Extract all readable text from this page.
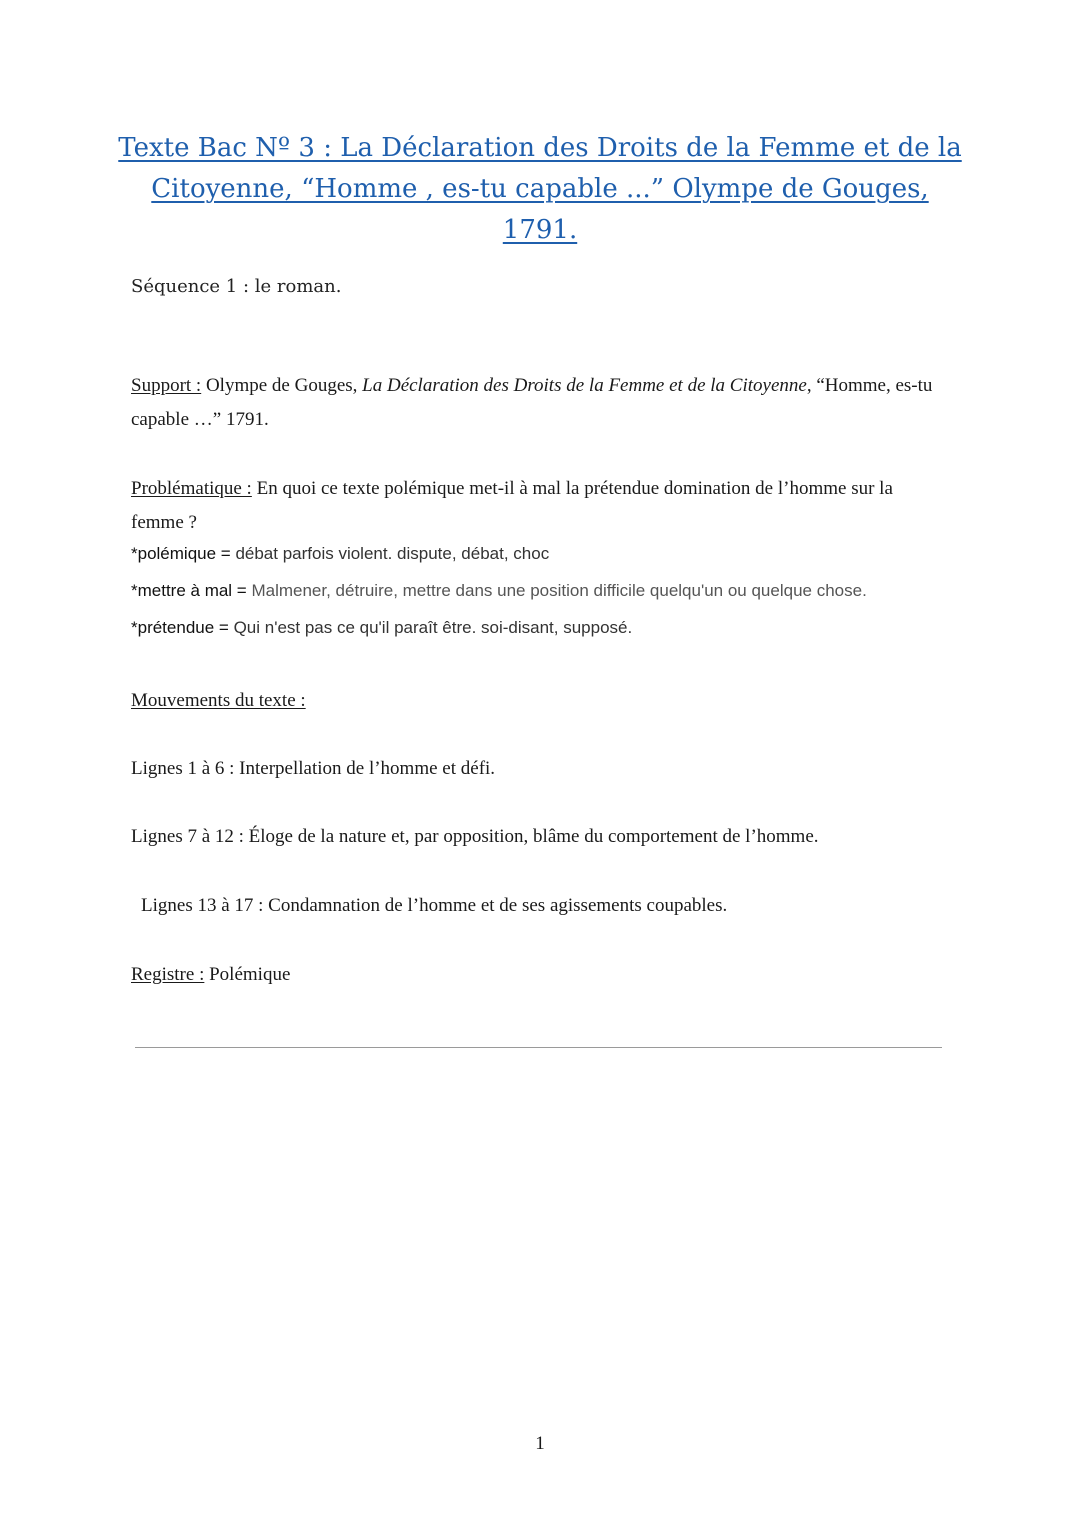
Texte Bac Nº 3 : La Déclaration des Droits de la Femme et de la
Citoyenne, “Homme , es-tu capable ...” Olympe de Gouges, 1791.
Séquence 1 : le roman.
Support : Olympe de Gouges, La Déclaration des Droits de la Femme et de la Citoyenne, “Homme, es-tu capable …” 1791.
Problématique : En quoi ce texte polémique met-il à mal la prétendue domination de l’homme sur la femme ?
*polémique = débat parfois violent. dispute, débat, choc
*mettre à mal = Malmener, détruire, mettre dans une position difficile quelqu'un ou quelque chose.
*prétendue = Qui n'est pas ce qu'il paraît être. soi-disant, supposé.
Mouvements du texte :
Lignes 1 à 6 : Interpellation de l’homme et défi.
Lignes 7 à 12 : Éloge de la nature et, par opposition, blâme du comportement de l’homme.
Lignes 13 à 17 : Condamnation de l’homme et de ses agissements coupables.
Registre : Polémique
1
